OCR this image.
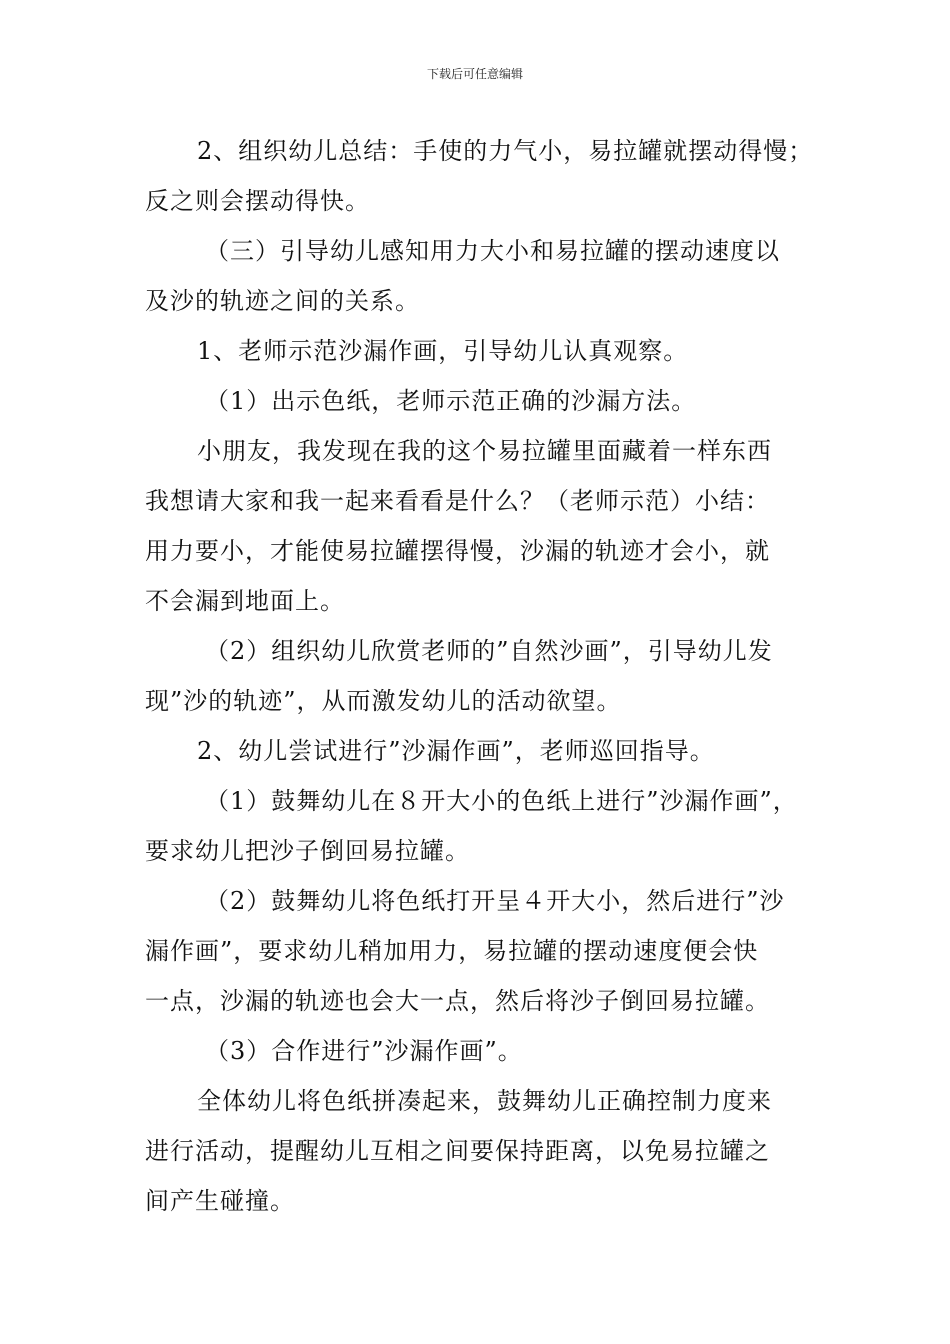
下载后可任意编辑

2、组织幼儿总结：手使的力气小，易拉罐就摆动得慢；
反之则会摆动得快。

（三）引导幼儿感知用力大小和易拉罐的摆动速度以
及沙的轨迹之间的关系。

1、老师示范沙漏作画，引导幼儿认真观察。

（1）出示色纸，老师示范正确的沙漏方法。

小朋友，我发现在我的这个易拉罐里面藏着一样东西
我想请大家和我一起来看看是什么？（老师示范）小结：
用力要小，才能使易拉罐摆得慢，沙漏的轨迹才会小，就
不会漏到地面上。

（2）组织幼儿欣赏老师的”自然沙画”，引导幼儿发
现”沙的轨迹”，从而激发幼儿的活动欲望。

2、幼儿尝试进行”沙漏作画”，老师巡回指导。

（1）鼓舞幼儿在８开大小的色纸上进行”沙漏作画”，
要求幼儿把沙子倒回易拉罐。

（2）鼓舞幼儿将色纸打开呈４开大小，然后进行”沙
漏作画”，要求幼儿稍加用力，易拉罐的摆动速度便会快
一点，沙漏的轨迹也会大一点，然后将沙子倒回易拉罐。

（3）合作进行”沙漏作画”。

全体幼儿将色纸拼凑起来，鼓舞幼儿正确控制力度来
进行活动，提醒幼儿互相之间要保持距离，以免易拉罐之
间产生碰撞。
